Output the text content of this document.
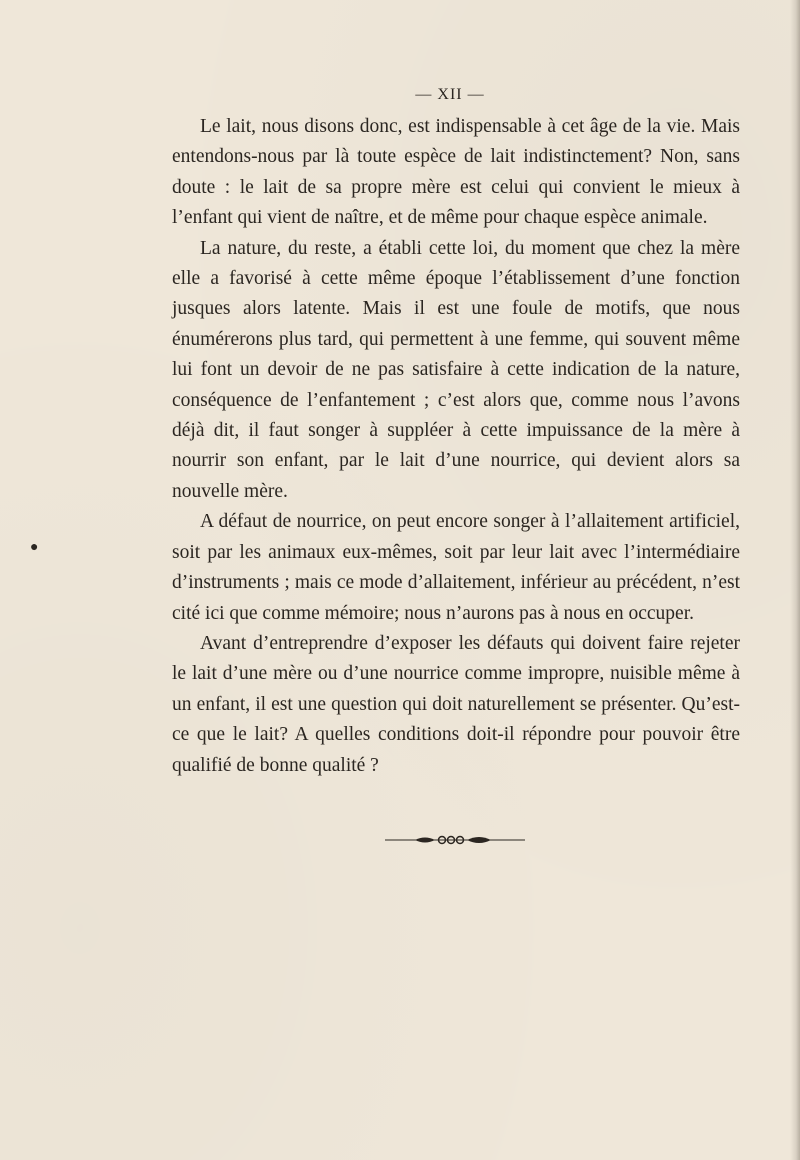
— XII —

Le lait, nous disons donc, est indispensable à cet âge de la vie. Mais entendons-nous par là toute espèce de lait indistinctement? Non, sans doute : le lait de sa propre mère est celui qui convient le mieux à l’enfant qui vient de naître, et de même pour chaque espèce animale.

La nature, du reste, a établi cette loi, du moment que chez la mère elle a favorisé à cette même époque l’établissement d’une fonction jusques alors latente. Mais il est une foule de motifs, que nous énumérerons plus tard, qui permettent à une femme, qui souvent même lui font un devoir de ne pas satisfaire à cette indication de la nature, conséquence de l’enfantement ; c’est alors que, comme nous l’avons déjà dit, il faut songer à suppléer à cette impuissance de la mère à nourrir son enfant, par le lait d’une nourrice, qui devient alors sa nouvelle mère.

A défaut de nourrice, on peut encore songer à l’allaitement artificiel, soit par les animaux eux-mêmes, soit par leur lait avec l’intermédiaire d’instruments ; mais ce mode d’allaitement, inférieur au précédent, n’est cité ici que comme mémoire; nous n’aurons pas à nous en occuper.

Avant d’entreprendre d’exposer les défauts qui doivent faire rejeter le lait d’une mère ou d’une nourrice comme impropre, nuisible même à un enfant, il est une question qui doit naturellement se présenter. Qu’est-ce que le lait? A quelles conditions doit-il répondre pour pouvoir être qualifié de bonne qualité ?

●
